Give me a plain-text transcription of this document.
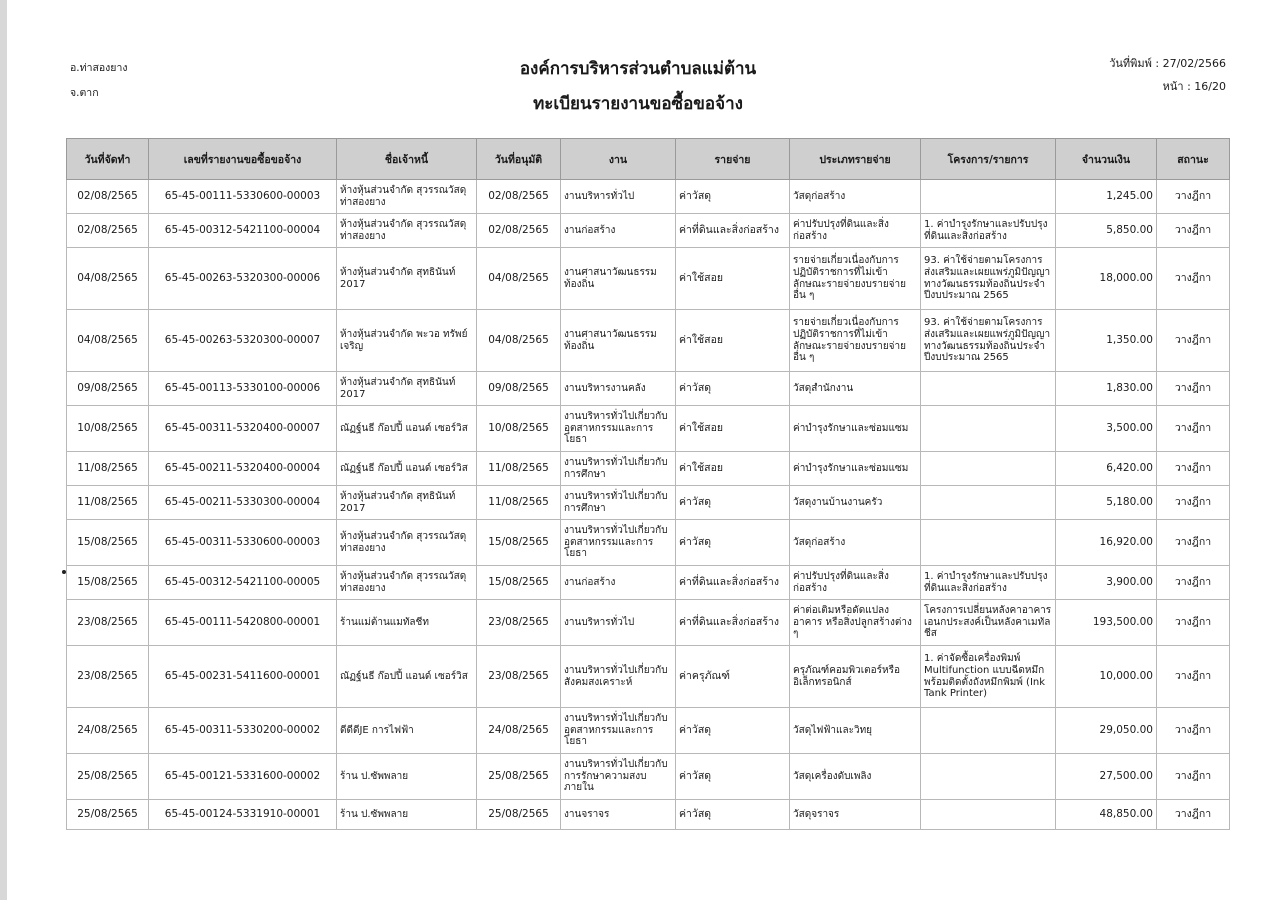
อ.ท่าสองยาง
จ.ตาก
องค์การบริหารส่วนตำบลแม่ต้าน
ทะเบียนรายงานขอซื้อขอจ้าง
วันที่พิมพ์ : 27/02/2566
หน้า : 16/20
วันที่จัดทำ	เลขที่รายงานขอซื้อขอจ้าง	ชื่อเจ้าหนี้	วันที่อนุมัติ	งาน	รายจ่าย	ประเภทรายจ่าย	โครงการ/รายการ	จำนวนเงิน	สถานะ
02/08/2565	65-45-00111-5330600-00003	ห้างหุ้นส่วนจำกัด สุวรรณวัสดุ ท่าสองยาง	02/08/2565	งานบริหารทั่วไป	ค่าวัสดุ	วัสดุก่อสร้าง		1,245.00	วางฎีกา
02/08/2565	65-45-00312-5421100-00004	ห้างหุ้นส่วนจำกัด สุวรรณวัสดุ ท่าสองยาง	02/08/2565	งานก่อสร้าง	ค่าที่ดินและสิ่งก่อสร้าง	ค่าปรับปรุงที่ดินและสิ่งก่อสร้าง	1. ค่าบำรุงรักษาและปรับปรุงที่ดินและสิ่งก่อสร้าง	5,850.00	วางฎีกา
04/08/2565	65-45-00263-5320300-00006	ห้างหุ้นส่วนจำกัด สุทธินันท์ 2017	04/08/2565	งานศาสนาวัฒนธรรมท้องถิ่น	ค่าใช้สอย	รายจ่ายเกี่ยวเนื่องกับการปฏิบัติราชการที่ไม่เข้าลักษณะรายจ่ายงบรายจ่ายอื่น ๆ	93. ค่าใช้จ่ายตามโครงการส่งเสริมและเผยแพร่ภูมิปัญญาทางวัฒนธรรมท้องถิ่นประจำปีงบประมาณ 2565	18,000.00	วางฎีกา
04/08/2565	65-45-00263-5320300-00007	ห้างหุ้นส่วนจำกัด พะวอ ทรัพย์เจริญ	04/08/2565	งานศาสนาวัฒนธรรมท้องถิ่น	ค่าใช้สอย	รายจ่ายเกี่ยวเนื่องกับการปฏิบัติราชการที่ไม่เข้าลักษณะรายจ่ายงบรายจ่ายอื่น ๆ	93. ค่าใช้จ่ายตามโครงการส่งเสริมและเผยแพร่ภูมิปัญญาทางวัฒนธรรมท้องถิ่นประจำปีงบประมาณ 2565	1,350.00	วางฎีกา
09/08/2565	65-45-00113-5330100-00006	ห้างหุ้นส่วนจำกัด สุทธินันท์ 2017	09/08/2565	งานบริหารงานคลัง	ค่าวัสดุ	วัสดุสำนักงาน		1,830.00	วางฎีกา
10/08/2565	65-45-00311-5320400-00007	ณัฏฐ์นธี ก๊อปปี้ แอนด์ เซอร์วิส	10/08/2565	งานบริหารทั่วไปเกี่ยวกับอุตสาหกรรมและการโยธา	ค่าใช้สอย	ค่าบำรุงรักษาและซ่อมแซม		3,500.00	วางฎีกา
11/08/2565	65-45-00211-5320400-00004	ณัฏฐ์นธี ก๊อปปี้ แอนด์ เซอร์วิส	11/08/2565	งานบริหารทั่วไปเกี่ยวกับการศึกษา	ค่าใช้สอย	ค่าบำรุงรักษาและซ่อมแซม		6,420.00	วางฎีกา
11/08/2565	65-45-00211-5330300-00004	ห้างหุ้นส่วนจำกัด สุทธินันท์ 2017	11/08/2565	งานบริหารทั่วไปเกี่ยวกับการศึกษา	ค่าวัสดุ	วัสดุงานบ้านงานครัว		5,180.00	วางฎีกา
15/08/2565	65-45-00311-5330600-00003	ห้างหุ้นส่วนจำกัด สุวรรณวัสดุ ท่าสองยาง	15/08/2565	งานบริหารทั่วไปเกี่ยวกับอุตสาหกรรมและการโยธา	ค่าวัสดุ	วัสดุก่อสร้าง		16,920.00	วางฎีกา
15/08/2565	65-45-00312-5421100-00005	ห้างหุ้นส่วนจำกัด สุวรรณวัสดุ ท่าสองยาง	15/08/2565	งานก่อสร้าง	ค่าที่ดินและสิ่งก่อสร้าง	ค่าปรับปรุงที่ดินและสิ่งก่อสร้าง	1. ค่าบำรุงรักษาและปรับปรุงที่ดินและสิ่งก่อสร้าง	3,900.00	วางฎีกา
23/08/2565	65-45-00111-5420800-00001	ร้านแม่ต้านแมทัลชีท	23/08/2565	งานบริหารทั่วไป	ค่าที่ดินและสิ่งก่อสร้าง	ค่าต่อเติมหรือดัดแปลงอาคาร หรือสิ่งปลูกสร้างต่าง ๆ	โครงการเปลี่ยนหลังคาอาคารเอนกประสงค์เป็นหลังคาเมทัลชีส	193,500.00	วางฎีกา
23/08/2565	65-45-00231-5411600-00001	ณัฏฐ์นธี ก๊อปปี้ แอนด์ เซอร์วิส	23/08/2565	งานบริหารทั่วไปเกี่ยวกับสังคมสงเคราะห์	ค่าครุภัณฑ์	ครุภัณฑ์คอมพิวเตอร์หรืออิเล็กทรอนิกส์	1. ค่าจัดซื้อเครื่องพิมพ์ Multifunction แบบฉีดหมึกพร้อมติดตั้งถังหมึกพิมพ์ (Ink Tank Printer)	10,000.00	วางฎีกา
24/08/2565	65-45-00311-5330200-00002	ดีดีดีJE การไฟฟ้า	24/08/2565	งานบริหารทั่วไปเกี่ยวกับอุตสาหกรรมและการโยธา	ค่าวัสดุ	วัสดุไฟฟ้าและวิทยุ		29,050.00	วางฎีกา
25/08/2565	65-45-00121-5331600-00002	ร้าน ป.ซัพพลาย	25/08/2565	งานบริหารทั่วไปเกี่ยวกับการรักษาความสงบภายใน	ค่าวัสดุ	วัสดุเครื่องดับเพลิง		27,500.00	วางฎีกา
25/08/2565	65-45-00124-5331910-00001	ร้าน ป.ซัพพลาย	25/08/2565	งานจราจร	ค่าวัสดุ	วัสดุจราจร		48,850.00	วางฎีกา
